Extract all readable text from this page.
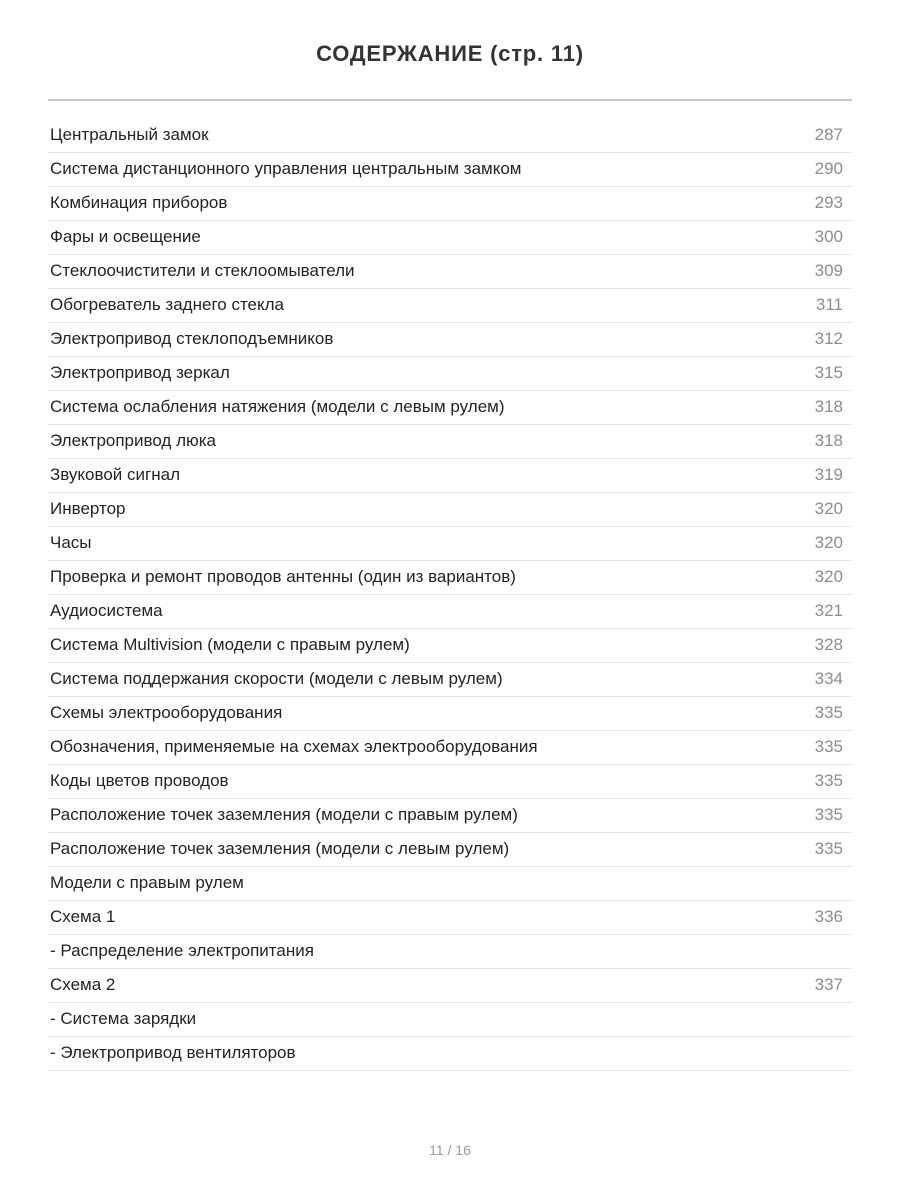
СОДЕРЖАНИЕ (стр. 11)
Центральный замок	287
Система дистанционного управления центральным замком	290
Комбинация приборов	293
Фары и освещение	300
Стеклоочистители и стеклоомыватели	309
Обогреватель заднего стекла	311
Электропривод стеклоподъемников	312
Электропривод зеркал	315
Система ослабления натяжения (модели с левым рулем)	318
Электропривод люка	318
Звуковой сигнал	319
Инвертор	320
Часы	320
Проверка и ремонт проводов антенны (один из вариантов)	320
Аудиосистема	321
Система Multivision (модели с правым рулем)	328
Система поддержания скорости (модели с левым рулем)	334
Схемы электрооборудования	335
Обозначения, применяемые на схемах электрооборудования	335
Коды цветов проводов	335
Расположение точек заземления (модели с правым рулем)	335
Расположение точек заземления (модели с левым рулем)	335
Модели с правым рулем
Схема 1	336
- Распределение электропитания
Схема 2	337
- Система зарядки
- Электропривод вентиляторов
11 / 16
